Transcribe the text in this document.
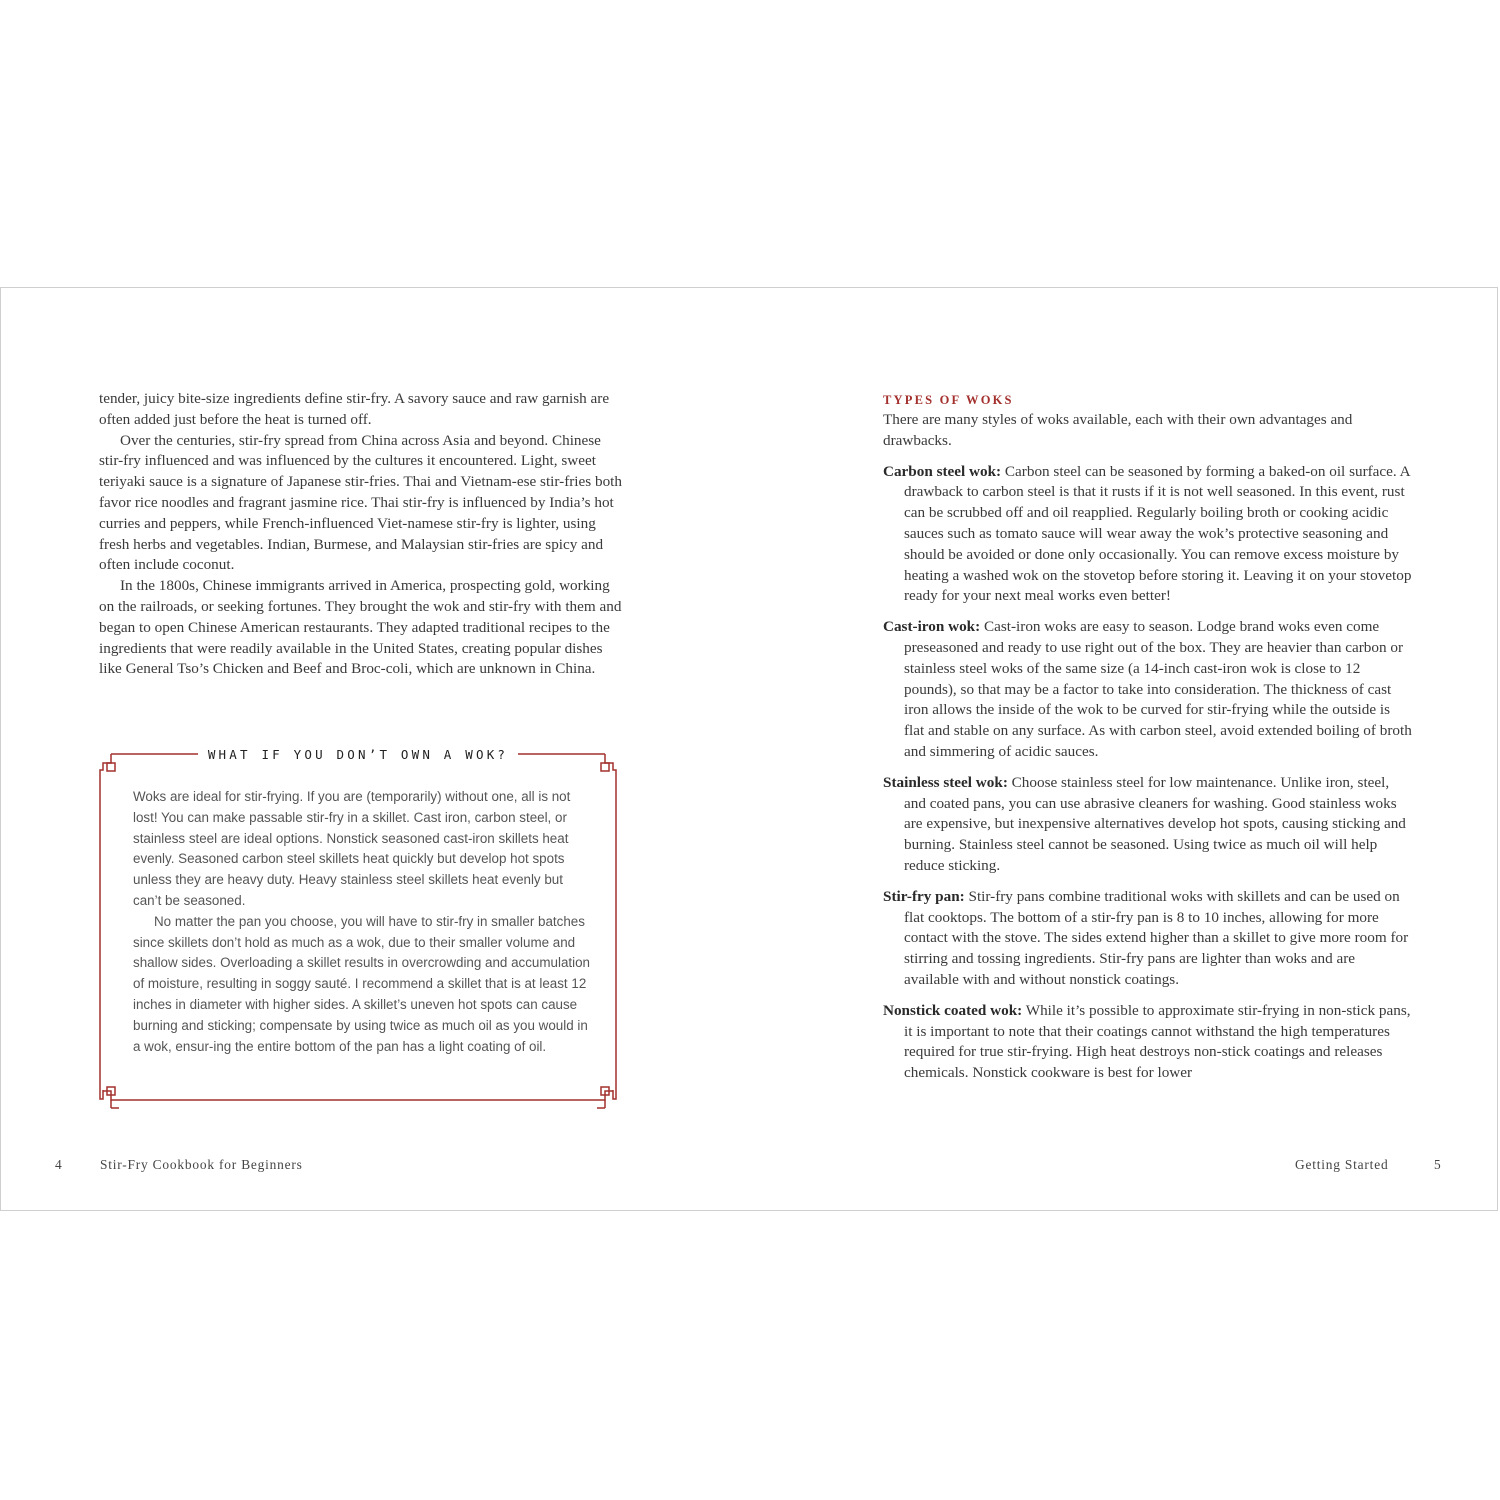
tender, juicy bite-size ingredients define stir-fry. A savory sauce and raw garnish are often added just before the heat is turned off.

Over the centuries, stir-fry spread from China across Asia and beyond. Chinese stir-fry influenced and was influenced by the cultures it encountered. Light, sweet teriyaki sauce is a signature of Japanese stir-fries. Thai and Vietnam-ese stir-fries both favor rice noodles and fragrant jasmine rice. Thai stir-fry is influenced by India’s hot curries and peppers, while French-influenced Viet-namese stir-fry is lighter, using fresh herbs and vegetables. Indian, Burmese, and Malaysian stir-fries are spicy and often include coconut.

In the 1800s, Chinese immigrants arrived in America, prospecting gold, working on the railroads, or seeking fortunes. They brought the wok and stir-fry with them and began to open Chinese American restaurants. They adapted traditional recipes to the ingredients that were readily available in the United States, creating popular dishes like General Tso’s Chicken and Beef and Broc-coli, which are unknown in China.

WHAT IF YOU DON’T OWN A WOK?

Woks are ideal for stir-frying. If you are (temporarily) without one, all is not lost! You can make passable stir-fry in a skillet. Cast iron, carbon steel, or stainless steel are ideal options. Nonstick seasoned cast-iron skillets heat evenly. Seasoned carbon steel skillets heat quickly but develop hot spots unless they are heavy duty. Heavy stainless steel skillets heat evenly but can’t be seasoned.

No matter the pan you choose, you will have to stir-fry in smaller batches since skillets don’t hold as much as a wok, due to their smaller volume and shallow sides. Overloading a skillet results in overcrowding and accumulation of moisture, resulting in soggy sauté. I recommend a skillet that is at least 12 inches in diameter with higher sides. A skillet’s uneven hot spots can cause burning and sticking; compensate by using twice as much oil as you would in a wok, ensur-ing the entire bottom of the pan has a light coating of oil.

4	Stir-Fry Cookbook for Beginners
TYPES OF WOKS

There are many styles of woks available, each with their own advantages and drawbacks.

Carbon steel wok: Carbon steel can be seasoned by forming a baked-on oil surface. A drawback to carbon steel is that it rusts if it is not well seasoned. In this event, rust can be scrubbed off and oil reapplied. Regularly boiling broth or cooking acidic sauces such as tomato sauce will wear away the wok’s protective seasoning and should be avoided or done only occasionally. You can remove excess moisture by heating a washed wok on the stovetop before storing it. Leaving it on your stovetop ready for your next meal works even better!

Cast-iron wok: Cast-iron woks are easy to season. Lodge brand woks even come preseasoned and ready to use right out of the box. They are heavier than carbon or stainless steel woks of the same size (a 14-inch cast-iron wok is close to 12 pounds), so that may be a factor to take into consideration. The thickness of cast iron allows the inside of the wok to be curved for stir-frying while the outside is flat and stable on any surface. As with carbon steel, avoid extended boiling of broth and simmering of acidic sauces.

Stainless steel wok: Choose stainless steel for low maintenance. Unlike iron, steel, and coated pans, you can use abrasive cleaners for washing. Good stainless woks are expensive, but inexpensive alternatives develop hot spots, causing sticking and burning. Stainless steel cannot be seasoned. Using twice as much oil will help reduce sticking.

Stir-fry pan: Stir-fry pans combine traditional woks with skillets and can be used on flat cooktops. The bottom of a stir-fry pan is 8 to 10 inches, allowing for more contact with the stove. The sides extend higher than a skillet to give more room for stirring and tossing ingredients. Stir-fry pans are lighter than woks and are available with and without nonstick coatings.

Nonstick coated wok: While it’s possible to approximate stir-frying in non-stick pans, it is important to note that their coatings cannot withstand the high temperatures required for true stir-frying. High heat destroys non-stick coatings and releases chemicals. Nonstick cookware is best for lower

Getting Started	5
